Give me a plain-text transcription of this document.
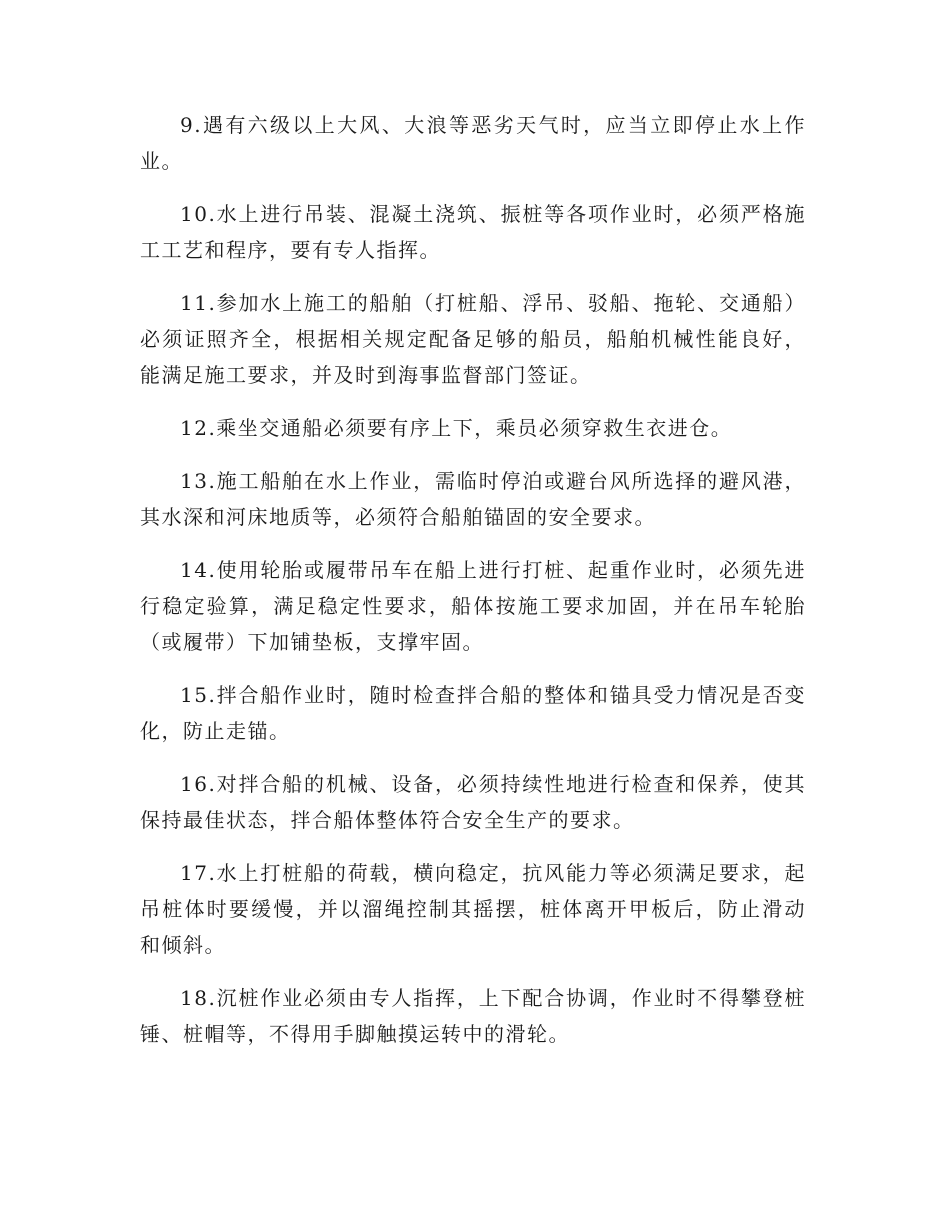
9.遇有六级以上大风、大浪等恶劣天气时，应当立即停止水上作业。

10.水上进行吊装、混凝土浇筑、振桩等各项作业时，必须严格施工工艺和程序，要有专人指挥。

11.参加水上施工的船舶（打桩船、浮吊、驳船、拖轮、交通船）必须证照齐全，根据相关规定配备足够的船员，船舶机械性能良好，能满足施工要求，并及时到海事监督部门签证。

12.乘坐交通船必须要有序上下，乘员必须穿救生衣进仓。

13.施工船舶在水上作业，需临时停泊或避台风所选择的避风港，其水深和河床地质等，必须符合船舶锚固的安全要求。

14.使用轮胎或履带吊车在船上进行打桩、起重作业时，必须先进行稳定验算，满足稳定性要求，船体按施工要求加固，并在吊车轮胎（或履带）下加铺垫板，支撑牢固。

15.拌合船作业时，随时检查拌合船的整体和锚具受力情况是否变化，防止走锚。

16.对拌合船的机械、设备，必须持续性地进行检查和保养，使其保持最佳状态，拌合船体整体符合安全生产的要求。

17.水上打桩船的荷载，横向稳定，抗风能力等必须满足要求，起吊桩体时要缓慢，并以溜绳控制其摇摆，桩体离开甲板后，防止滑动和倾斜。

18.沉桩作业必须由专人指挥，上下配合协调，作业时不得攀登桩锤、桩帽等，不得用手脚触摸运转中的滑轮。
